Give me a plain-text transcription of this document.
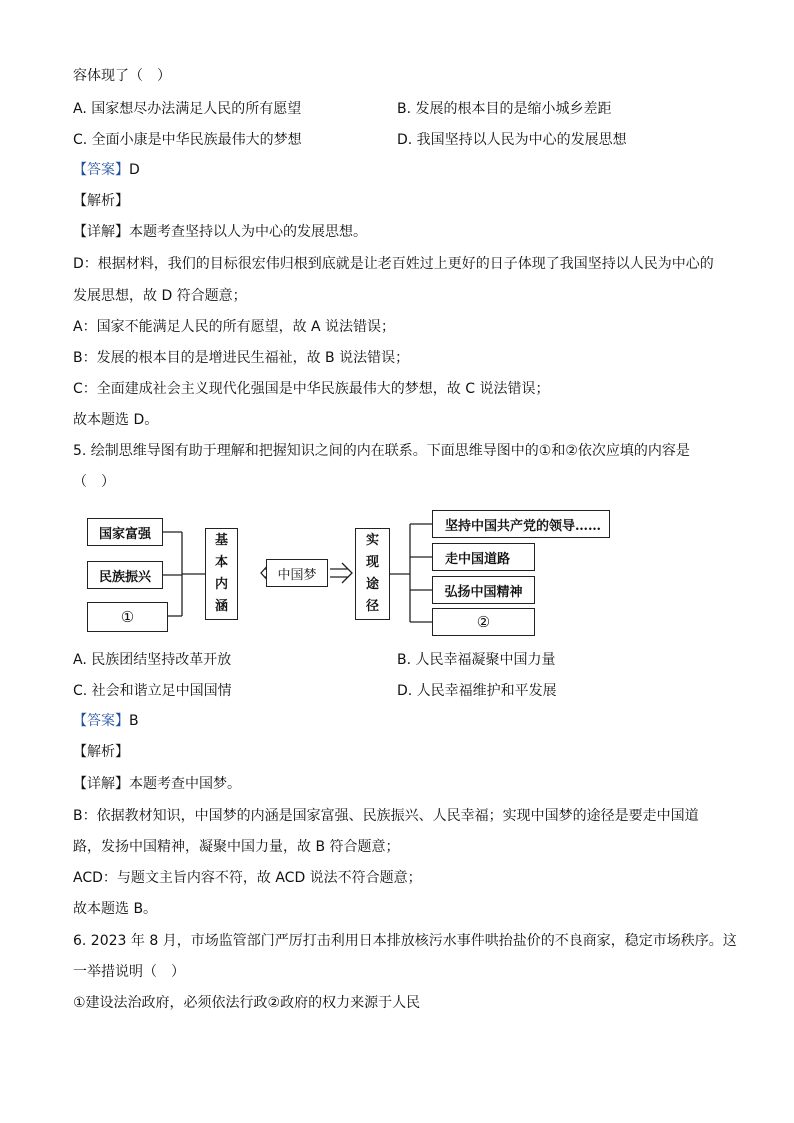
容体现了（　）
A. 国家想尽办法满足人民的所有愿望	B. 发展的根本目的是缩小城乡差距
C. 全面小康是中华民族最伟大的梦想	D. 我国坚持以人民为中心的发展思想
【答案】D
【解析】
【详解】本题考查坚持以人为中心的发展思想。
D：根据材料，我们的目标很宏伟归根到底就是让老百姓过上更好的日子体现了我国坚持以人民为中心的
发展思想，故 D 符合题意；
A：国家不能满足人民的所有愿望，故 A 说法错误；
B：发展的根本目的是增进民生福祉，故 B 说法错误；
C：全面建成社会主义现代化强国是中华民族最伟大的梦想，故 C 说法错误；
故本题选 D。
5. 绘制思维导图有助于理解和把握知识之间的内在联系。下面思维导图中的①和②依次应填的内容是
（　）
国家富强
民族振兴
①
基
本
内
涵
中国梦
实
现
途
径
坚持中国共产党的领导……
走中国道路
弘扬中国精神
②
A. 民族团结坚持改革开放	B. 人民幸福凝聚中国力量
C. 社会和谐立足中国国情	D. 人民幸福维护和平发展
【答案】B
【解析】
【详解】本题考查中国梦。
B：依据教材知识，中国梦的内涵是国家富强、民族振兴、人民幸福；实现中国梦的途径是要走中国道
路，发扬中国精神，凝聚中国力量，故 B 符合题意；
ACD：与题文主旨内容不符，故 ACD 说法不符合题意；
故本题选 B。
6. 2023 年 8 月，市场监管部门严厉打击利用日本排放核污水事件哄抬盐价的不良商家，稳定市场秩序。这
一举措说明（　）
①建设法治政府，必须依法行政②政府的权力来源于人民
